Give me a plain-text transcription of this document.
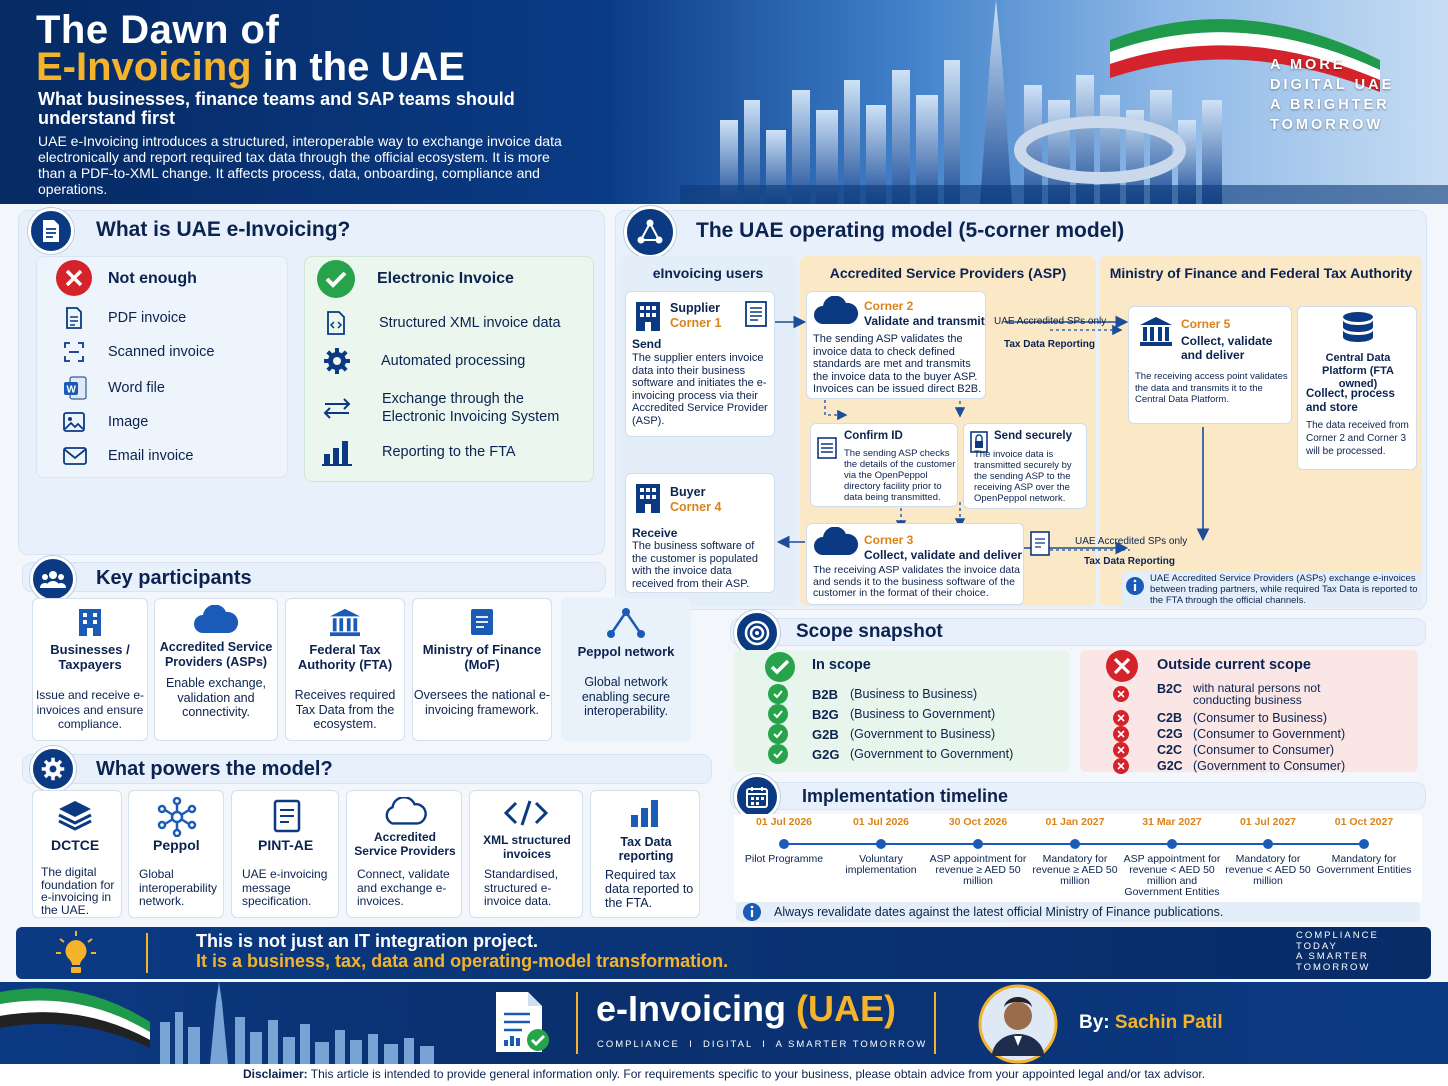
The Dawn of
E-Invoicing in the UAE
What businesses, finance teams and SAP teams should understand first
UAE e-Invoicing introduces a structured, interoperable way to exchange invoice data electronically and report required tax data through the official ecosystem. It is more than a PDF-to-XML change. It affects process, data, onboarding, compliance and operations.
A MORE
DIGITAL UAE
A BRIGHTER
TOMORROW
What is UAE e-Invoicing?
Not enough
PDF invoice
Scanned invoice
W Word file
Image
Email invoice
Electronic Invoice
Structured XML invoice data
Automated processing
Exchange through the Electronic Invoicing System
Reporting to the FTA
The UAE operating model (5-corner model)
eInvoicing users	Accredited Service Providers (ASP)	Ministry of Finance and Federal Tax Authority
Supplier
Corner 1
Send
The supplier enters invoice data into their business software and initiates the e-invoicing process via their Accredited Service Provider (ASP).
Buyer
Corner 4
Receive
The business software of the customer is populated with the invoice data received from their ASP.
Corner 2
Validate and transmit
The sending ASP validates the invoice data to check defined standards are met and transmits the invoice data to the buyer ASP. Invoices can be issued direct B2B.
Confirm ID
The sending ASP checks the details of the customer via the OpenPeppol directory facility prior to data being transmitted.
Send securely
The invoice data is transmitted securely by the sending ASP to the receiving ASP over the OpenPeppol network.
Corner 3
Collect, validate and deliver
The receiving ASP validates the invoice data and sends it to the business software of the customer in the format of their choice.
UAE Accredited SPs only
Tax Data Reporting
UAE Accredited SPs only
Tax Data Reporting
Corner 5
Collect, validate and deliver
The receiving access point validates the data and transmits it to the Central Data Platform.
Central Data Platform (FTA owned)
Collect, process and store
The data received from Corner 2 and Corner 3 will be processed.
UAE Accredited Service Providers (ASPs) exchange e-invoices between trading partners, while required Tax Data is reported to the FTA through the official channels.
Key participants
Businesses / Taxpayers
Issue and receive e-invoices and ensure compliance.
Accredited Service Providers (ASPs)
Enable exchange, validation and connectivity.
Federal Tax Authority (FTA)
Receives required Tax Data from the ecosystem.
Ministry of Finance (MoF)
Oversees the national e-invoicing framework.
Peppol network
Global network enabling secure interoperability.
What powers the model?
DCTCE
The digital foundation for e-invoicing in the UAE.
Peppol
Global interoperability network.
PINT-AE
UAE e-invoicing message specification.
Accredited Service Providers
Connect, validate and exchange e-invoices.
XML structured invoices
Standardised, structured e-invoice data.
Tax Data reporting
Required tax data reported to the FTA.
Scope snapshot
In scope
B2B (Business to Business)
B2G (Business to Government)
G2B (Government to Business)
G2G (Government to Government)
Outside current scope
B2C with natural persons not conducting business
C2B (Consumer to Business)
C2G (Consumer to Government)
C2C (Consumer to Consumer)
G2C (Government to Consumer)
Implementation timeline
01 Jul 2026
Pilot Programme
01 Jul 2026
Voluntary implementation
30 Oct 2026
ASP appointment for revenue ≥ AED 50 million
01 Jan 2027
Mandatory for revenue ≥ AED 50 million
31 Mar 2027
ASP appointment for revenue < AED 50 million and Government Entities
01 Jul 2027
Mandatory for revenue < AED 50 million
01 Oct 2027
Mandatory for Government Entities
Always revalidate dates against the latest official Ministry of Finance publications.
This is not just an IT integration project.
It is a business, tax, data and operating-model transformation.
COMPLIANCE
TODAY
A SMARTER
TOMORROW
e-Invoicing (UAE)
COMPLIANCE  I  DIGITAL  I  A SMARTER TOMORROW
By: Sachin Patil
Disclaimer: This article is intended to provide general information only. For requirements specific to your business, please obtain advice from your appointed legal and/or tax advisor.
